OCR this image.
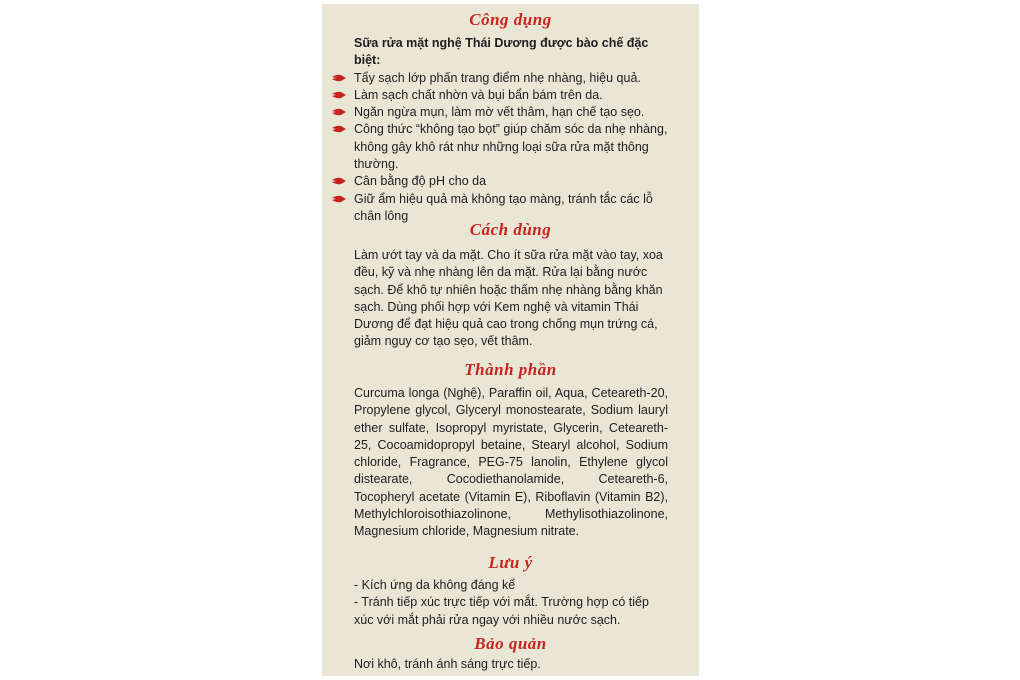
Công dụng
Sữa rửa mặt nghệ Thái Dương được bào chế đặc biệt:
Tẩy sạch lớp phấn trang điểm nhẹ nhàng, hiệu quả.
Làm sạch chất nhờn và bụi bẩn bám trên da.
Ngăn ngừa mụn, làm mờ vết thâm, hạn chế tạo sẹo.
Công thức “không tạo bọt” giúp chăm sóc da nhẹ nhàng, không gây khô rát như những loại sữa rửa mặt thông thường.
Cân bằng độ pH cho da
Giữ ẩm hiệu quả mà không tạo màng, tránh tắc các lỗ chân lông
Cách dùng

Làm ướt tay và da mặt. Cho ít sữa rửa mặt vào tay, xoa đều, kỹ và nhẹ nhàng lên da mặt. Rửa lại bằng nước sạch. Để khô tự nhiên hoặc thấm nhẹ nhàng bằng khăn sạch. Dùng phối hợp với Kem nghệ và vitamin Thái Dương để đạt hiệu quả cao trong chống mụn trứng cá, giảm nguy cơ tạo sẹo, vết thâm.

Thành phần

Curcuma longa (Nghệ), Paraffin oil, Aqua, Ceteareth-20, Propylene glycol, Glyceryl monostearate, Sodium lauryl ether sulfate, Isopropyl myristate, Glycerin, Ceteareth-25, Cocoamidopropyl betaine, Stearyl alcohol, Sodium chloride, Fragrance, PEG-75 lanolin, Ethylene glycol distearate, Cocodiethanolamide, Ceteareth-6, Tocopheryl acetate (Vitamin E), Riboflavin (Vitamin B2), Methylchloroisothiazolinone, Methylisothiazolinone, Magnesium chloride, Magnesium nitrate.

Lưu ý
- Kích ứng da không đáng kể
- Tránh tiếp xúc trực tiếp với mắt. Trường hợp có tiếp xúc với mắt phải rửa ngay với nhiều nước sạch.
Bảo quản
Nơi khô, tránh ánh sáng trực tiếp.
